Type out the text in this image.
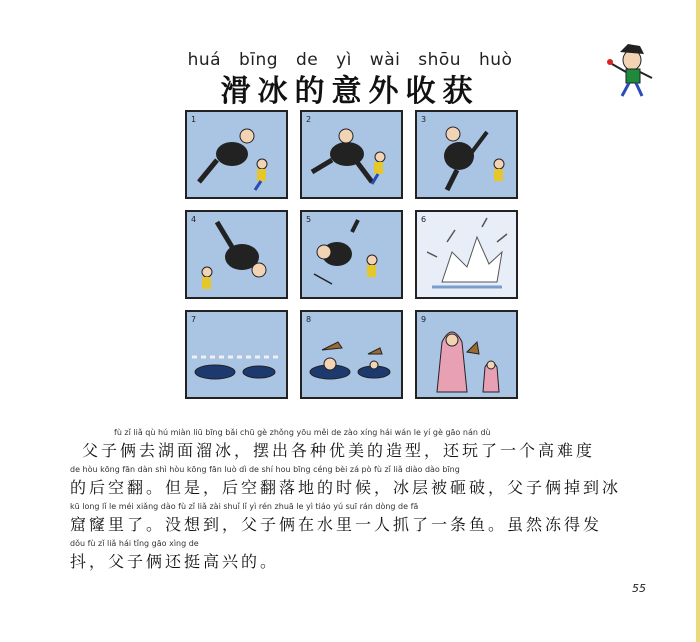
huá bīng de yì wài shōu huò
滑冰的意外收获
1	2	3
4	5	6
7	8	9
fù zǐ liǎ qù hú miàn liū bīng bǎi chū gè zhǒng yōu měi de zào xíng hái wán le yí gè gāo nán dù
父子俩去湖面溜冰，摆出各种优美的造型，还玩了一个高难度
de hòu kōng fān dàn shì hòu kōng fān luò dì de shí hou bīng céng bèi zá pò fù zǐ liǎ diào dào bīng
的后空翻。但是，后空翻落地的时候，冰层被砸破，父子俩掉到冰
kū long lǐ le méi xiǎng dào fù zǐ liǎ zài shuǐ lǐ yì rén zhuā le yì tiáo yú suī rán dòng de fā
窟窿里了。没想到，父子俩在水里一人抓了一条鱼。虽然冻得发
dǒu fù zǐ liǎ hái tǐng gāo xìng de
抖，父子俩还挺高兴的。
55
